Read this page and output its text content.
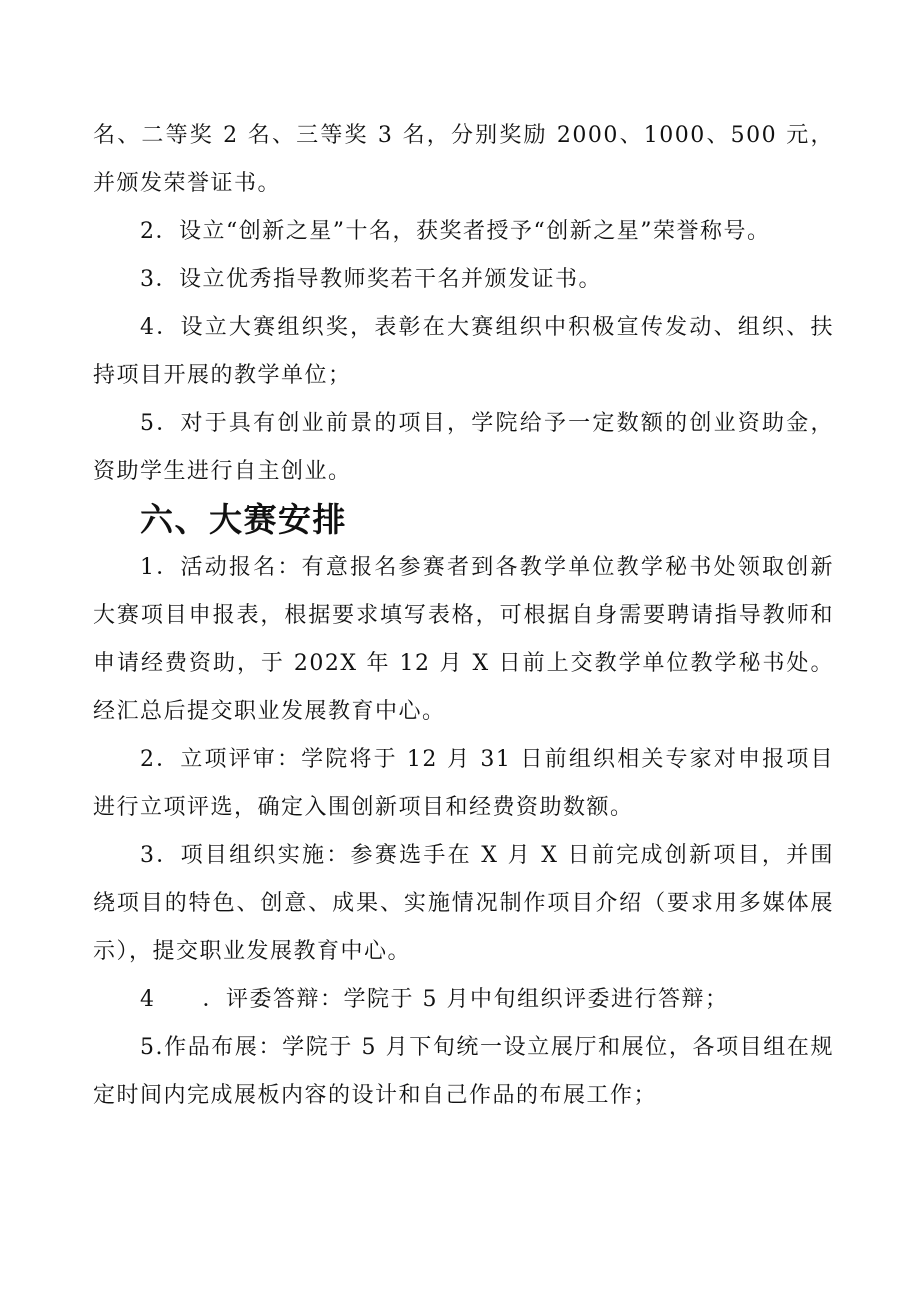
名、二等奖 2 名、三等奖 3 名，分别奖励 2000、1000、500 元，并颁发荣誉证书。

2．设立“创新之星”十名，获奖者授予“创新之星”荣誉称号。

3．设立优秀指导教师奖若干名并颁发证书。

4．设立大赛组织奖，表彰在大赛组织中积极宣传发动、组织、扶持项目开展的教学单位；

5．对于具有创业前景的项目，学院给予一定数额的创业资助金，资助学生进行自主创业。

六、大赛安排

1．活动报名：有意报名参赛者到各教学单位教学秘书处领取创新大赛项目申报表，根据要求填写表格，可根据自身需要聘请指导教师和申请经费资助，于 202X 年 12 月 X 日前上交教学单位教学秘书处。经汇总后提交职业发展教育中心。

2．立项评审：学院将于 12 月 31 日前组织相关专家对申报项目进行立项评选，确定入围创新项目和经费资助数额。

3．项目组织实施：参赛选手在 X 月 X 日前完成创新项目，并围绕项目的特色、创意、成果、实施情况制作项目介绍（要求用多媒体展示），提交职业发展教育中心。

4　　．评委答辩：学院于 5 月中旬组织评委进行答辩；

5.作品布展：学院于 5 月下旬统一设立展厅和展位，各项目组在规定时间内完成展板内容的设计和自己作品的布展工作；
